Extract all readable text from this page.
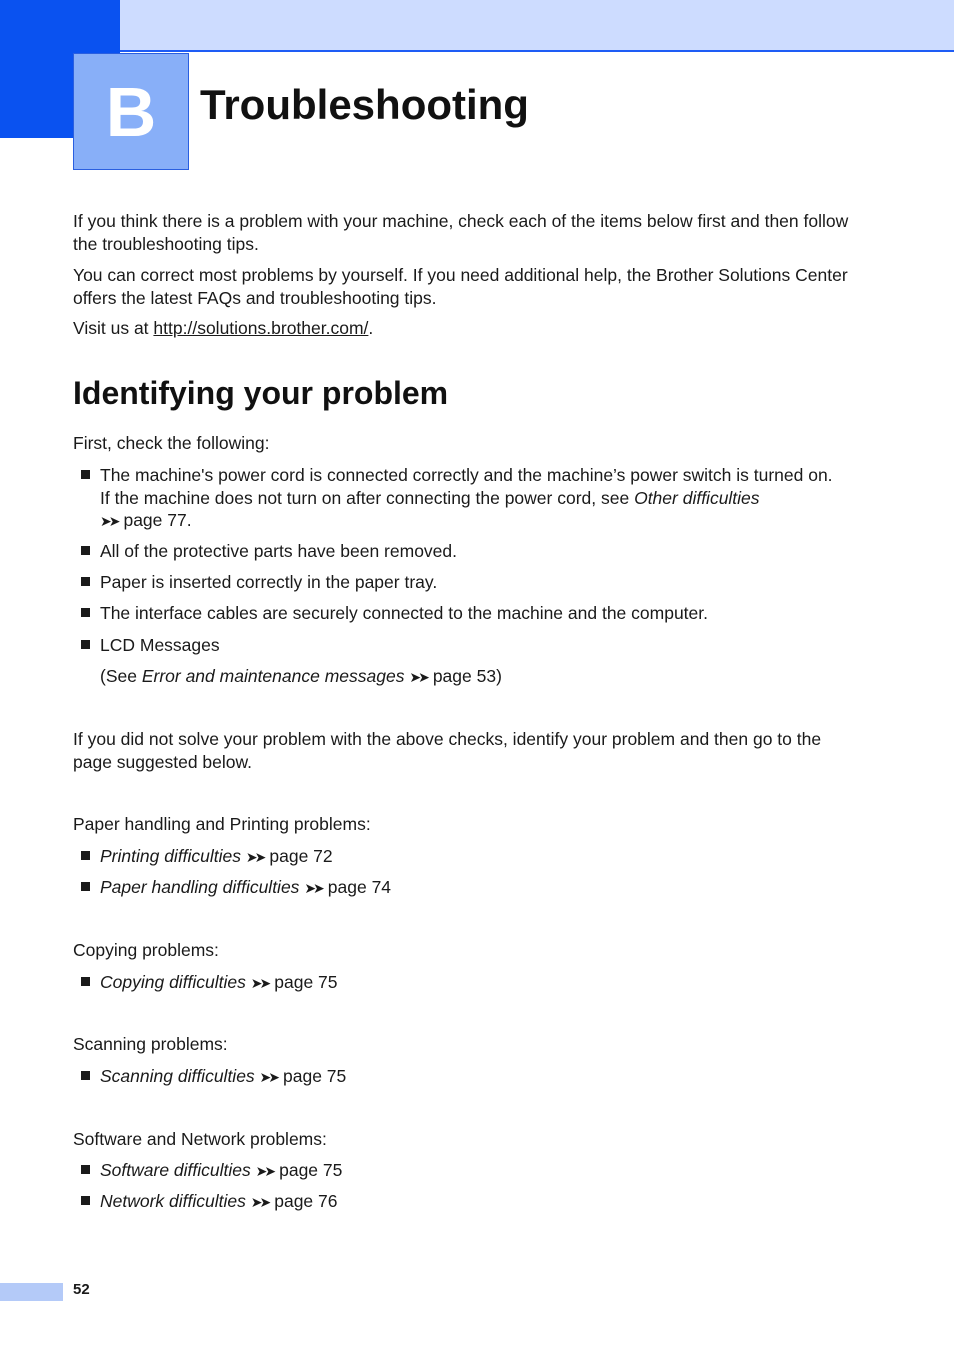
B	Troubleshooting

If you think there is a problem with your machine, check each of the items below first and then follow the troubleshooting tips.

You can correct most problems by yourself. If you need additional help, the Brother Solutions Center offers the latest FAQs and troubleshooting tips.

Visit us at http://solutions.brother.com/.

Identifying your problem

First, check the following:

The machine's power cord is connected correctly and the machine’s power switch is turned on.
If the machine does not turn on after connecting the power cord, see Other difficulties
➤➤ page 77.
All of the protective parts have been removed.
Paper is inserted correctly in the paper tray.
The interface cables are securely connected to the machine and the computer.
LCD Messages
(See Error and maintenance messages ➤➤ page 53)

If you did not solve your problem with the above checks, identify your problem and then go to the page suggested below.

Paper handling and Printing problems:

Printing difficulties ➤➤ page 72
Paper handling difficulties ➤➤ page 74

Copying problems:

Copying difficulties ➤➤ page 75

Scanning problems:

Scanning difficulties ➤➤ page 75

Software and Network problems:

Software difficulties ➤➤ page 75
Network difficulties ➤➤ page 76
52
